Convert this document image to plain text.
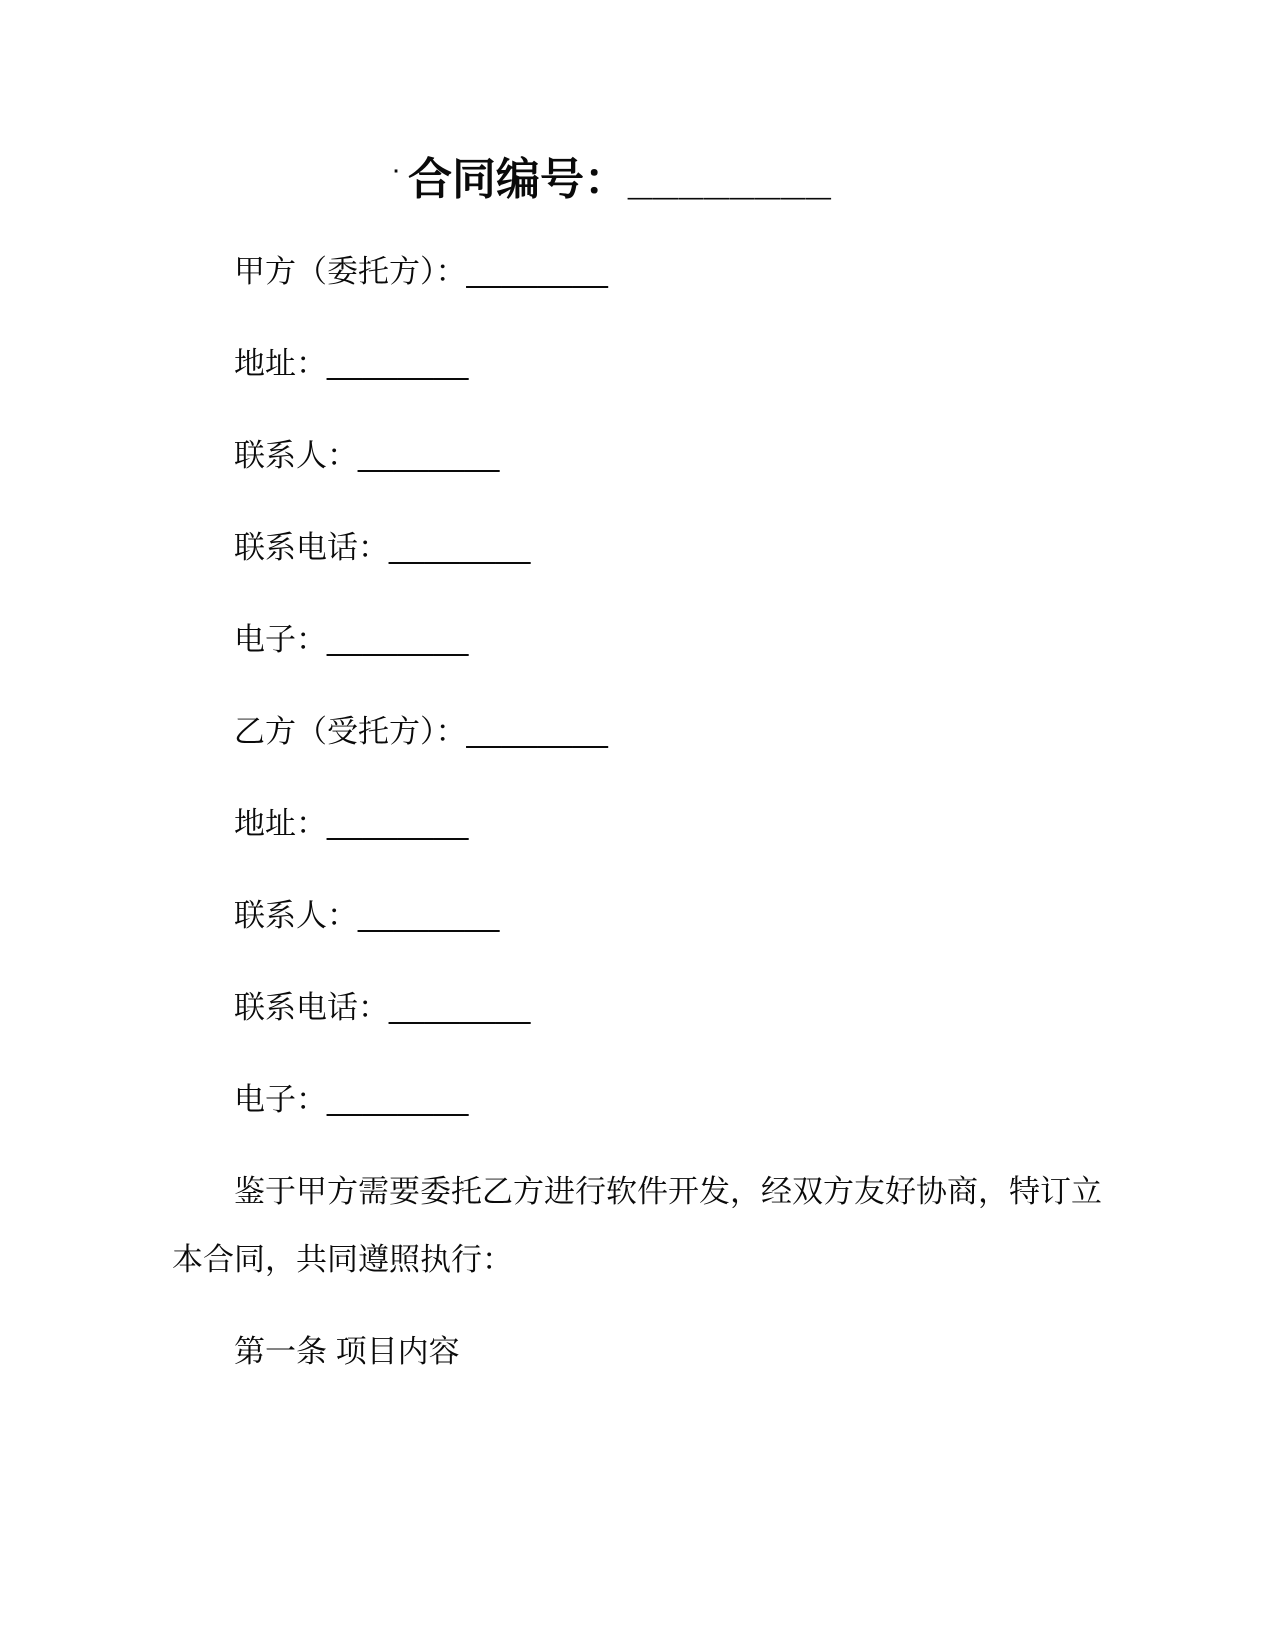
· 合同编号：________

甲方（委托方）：________

地址：________

联系人：________

联系电话：________

电子：________

乙方（受托方）：________

地址：________

联系人：________

联系电话：________

电子：________

鉴于甲方需要委托乙方进行软件开发，经双方友好协商，特订立本合同，共同遵照执行：

第一条 项目内容
